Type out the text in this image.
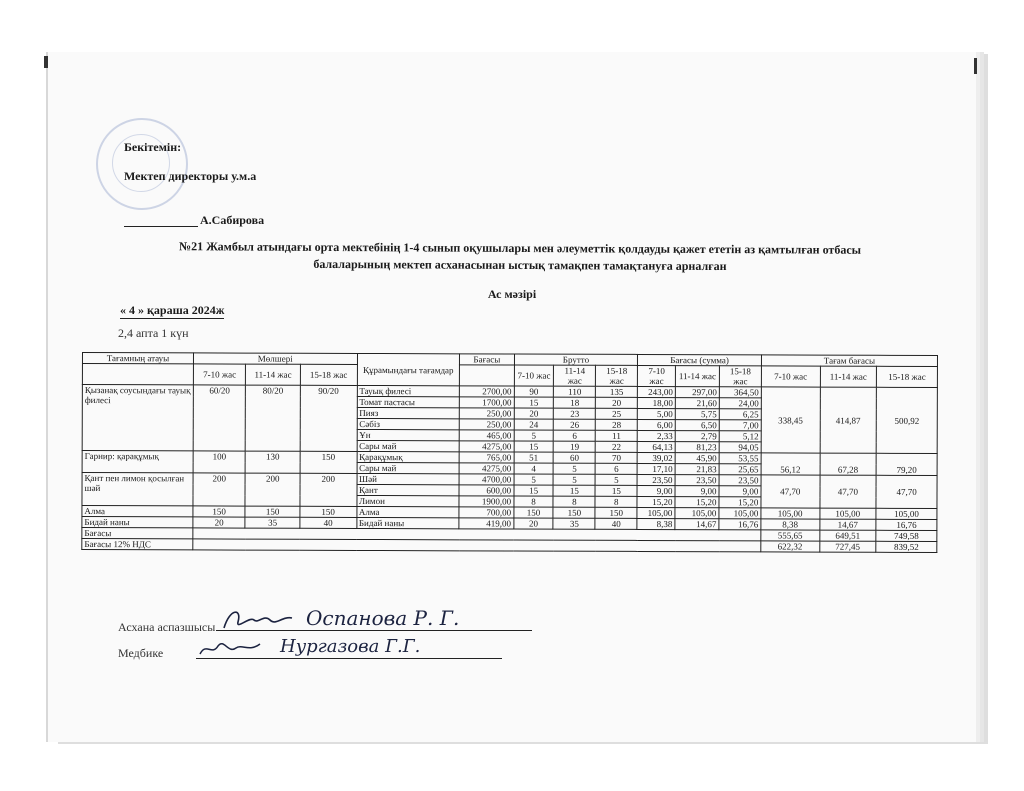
Бекітемін:
Мектеп директоры у.м.а
А.Сабирова
№21 Жамбыл атындағы орта мектебінің 1-4 сынып оқушылары мен әлеуметтік қолдауды қажет ететін аз қамтылған отбасы балаларының мектеп асханасынан ыстық тамақпен тамақтануға арналған
Ас мәзірі
« 4 » қараша 2024ж
2,4 апта 1 күн
Тағамның атауы	Мөлшері			Құрамындағы тағамдар	Бағасы	Брутто			Бағасы (сумма)			Тағам бағасы		
	7-10 жас	11-14 жас	15-18 жас			7-10 жас	11-14 жас	15-18 жас	7-10 жас	11-14 жас	15-18 жас	7-10 жас	11-14 жас	15-18 жас
Қызанақ соусындағы тауық филесі	60/20	80/20	90/20	Тауық филесі	2700,00	90	110	135	243,00	297,00	364,50	338,45	414,87	500,92
				Томат пастасы	1700,00	15	18	20	18,00	21,60	24,00			
				Пияз	250,00	20	23	25	5,00	5,75	6,25			
				Сәбіз	250,00	24	26	28	6,00	6,50	7,00			
				Ұн	465,00	5	6	11	2,33	2,79	5,12			
				Сары май	4275,00	15	19	22	64,13	81,23	94,05			
Гарнир: қарақұмық	100	130	150	Қарақұмық	765,00	51	60	70	39,02	45,90	53,55	56,12	67,28	79,20
				Сары май	4275,00	4	5	6	17,10	21,83	25,65			
Қант пен лимон қосылған шәй	200	200	200	Шәй	4700,00	5	5	5	23,50	23,50	23,50	47,70	47,70	47,70
				Қант	600,00	15	15	15	9,00	9,00	9,00			
				Лимон	1900,00	8	8	8	15,20	15,20	15,20			
Алма	150	150	150	Алма	700,00	150	150	150	105,00	105,00	105,00	105,00	105,00	105,00
Бидай наны	20	35	40	Бидай наны	419,00	20	35	40	8,38	14,67	16,76	8,38	14,67	16,76
Бағасы												555,65	649,51	749,58
Бағасы 12% НДС												622,32	727,45	839,52
Асхана аспазшысы	Оспанова Р. Г.
Медбике	Нургазова Г.Г.
